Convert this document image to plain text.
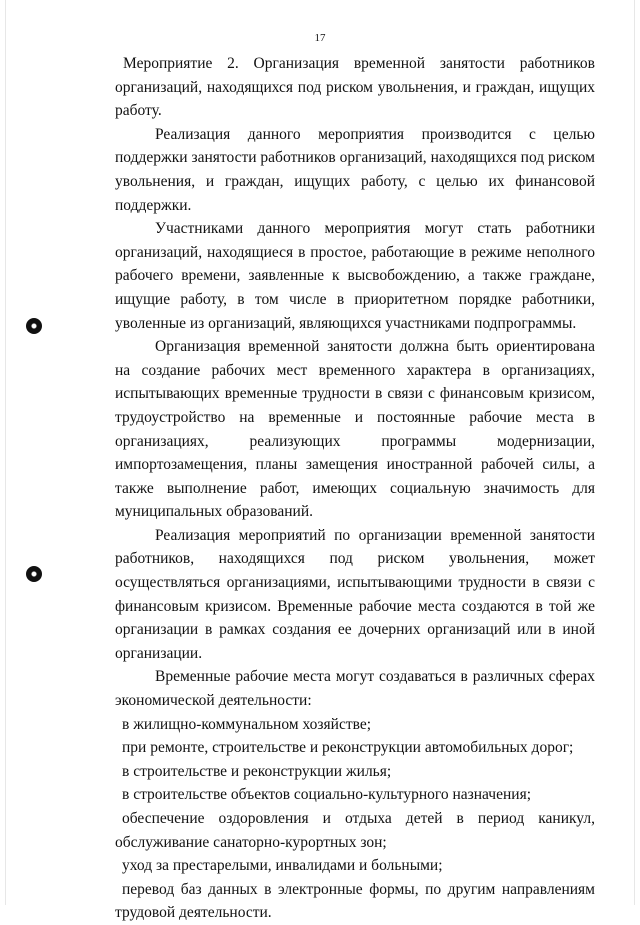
17

Мероприятие 2. Организация временной занятости работников организаций, находящихся под риском увольнения, и граждан, ищущих работу.

Реализация данного мероприятия производится с целью поддержки занятости работников организаций, находящихся под риском увольнения, и граждан, ищущих работу, с целью их финансовой поддержки.

Участниками данного мероприятия могут стать работники организаций, находящиеся в простое, работающие в режиме неполного рабочего времени, заявленные к высвобождению, а также граждане, ищущие работу, в том числе в приоритетном порядке работники, уволенные из организаций, являющихся участниками подпрограммы.

Организация временной занятости должна быть ориентирована на создание рабочих мест временного характера в организациях, испытывающих временные трудности в связи с финансовым кризисом, трудоустройство на временные и постоянные рабочие места в организациях, реализующих программы модернизации, импортозамещения, планы замещения иностранной рабочей силы, а также выполнение работ, имеющих социальную значимость для муниципальных образований.

Реализация мероприятий по организации временной занятости работников, находящихся под риском увольнения, может осуществляться организациями, испытывающими трудности в связи с финансовым кризисом. Временные рабочие места создаются в той же организации в рамках создания ее дочерних организаций или в иной организации.

Временные рабочие места могут создаваться в различных сферах экономической деятельности:

в жилищно-коммунальном хозяйстве;

при ремонте, строительстве и реконструкции автомобильных дорог;

в строительстве и реконструкции жилья;

в строительстве объектов социально-культурного назначения;

обеспечение оздоровления и отдыха детей в период каникул, обслуживание санаторно-курортных зон;

уход за престарелыми, инвалидами и больными;

перевод баз данных в электронные формы, по другим направлениям трудовой деятельности.
